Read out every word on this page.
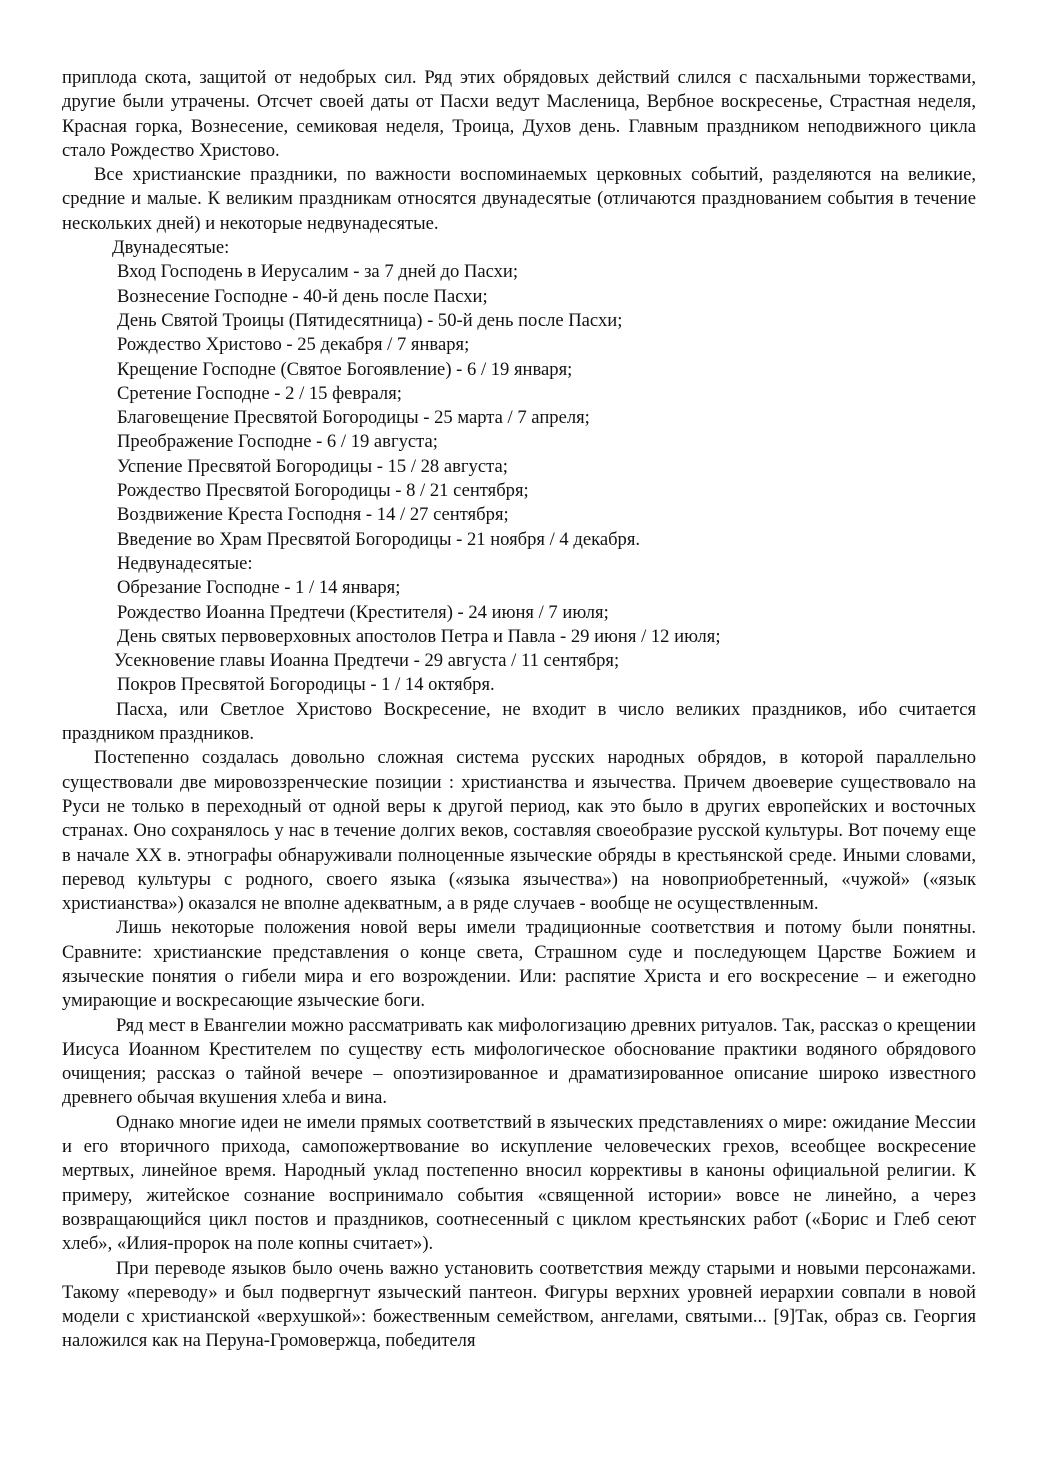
приплода скота, защитой от недобрых сил. Ряд этих обрядовых действий слился с пасхальными торжествами, другие были утрачены. Отсчет своей даты от Пасхи ведут Масленица, Вербное воскресенье, Страстная неделя, Красная горка, Вознесение, семиковая неделя, Троица, Духов день. Главным праздником неподвижного цикла стало Рождество Христово.

Все христианские праздники, по важности воспоминаемых церковных событий, разделяются на великие, средние и малые. К великим праздникам относятся двунадесятые (отличаются празднованием события в течение нескольких дней) и некоторые недвунадесятые.

Двунадесятые:

Вход Господень в Иерусалим - за 7 дней до Пасхи;
Вознесение Господне - 40-й день после Пасхи;
День Святой Троицы (Пятидесятница) - 50-й день после Пасхи;
Рождество Христово - 25 декабря / 7 января;
Крещение Господне (Святое Богоявление) - 6 / 19 января;
Сретение Господне - 2 / 15 февраля;
Благовещение Пресвятой Богородицы - 25 марта / 7 апреля;
Преображение Господне - 6 / 19 августа;
Успение Пресвятой Богородицы - 15 / 28 августа;
Рождество Пресвятой Богородицы - 8 / 21 сентября;
Воздвижение Креста Господня - 14 / 27 сентября;
Введение во Храм Пресвятой Богородицы - 21 ноября / 4 декабря.

Недвунадесятые:

Обрезание Господне - 1 / 14 января;
Рождество Иоанна Предтечи (Крестителя) - 24 июня / 7 июля;
День святых первоверховных апостолов Петра и Павла - 29 июня / 12 июля;
Усекновение главы Иоанна Предтечи - 29 августа / 11 сентября;
Покров Пресвятой Богородицы - 1 / 14 октября.

Пасха, или Светлое Христово Воскресение, не входит в число великих праздников, ибо считается праздником праздников.

Постепенно создалась довольно сложная система русских народных обрядов, в которой параллельно существовали две мировоззренческие позиции : христианства и язычества. Причем двоеверие существовало на Руси не только в переходный от одной веры к другой период, как это было в других европейских и восточных странах. Оно сохранялось у нас в течение долгих веков, составляя своеобразие русской культуры. Вот почему еще в начале XX в. этнографы обнаруживали полноценные языческие обряды в крестьянской среде. Иными словами, перевод культуры с родного, своего языка («языка язычества») на новоприобретенный, «чужой» («язык христианства») оказался не вполне адекватным, а в ряде случаев - вообще не осуществленным.

Лишь некоторые положения новой веры имели традиционные соответствия и потому были понятны. Сравните: христианские представления о конце света, Страшном суде и последующем Царстве Божием и языческие понятия о гибели мира и его возрождении. Или: распятие Христа и его воскресение – и ежегодно умирающие и воскресающие языческие боги.

Ряд мест в Евангелии можно рассматривать как мифологизацию древних ритуалов. Так, рассказ о крещении Иисуса Иоанном Крестителем по существу есть мифологическое обоснование практики водяного обрядового очищения; рассказ о тайной вечере – опоэтизированное и драматизированное описание широко известного древнего обычая вкушения хлеба и вина.

Однако многие идеи не имели прямых соответствий в языческих представлениях о мире: ожидание Мессии и его вторичного прихода, самопожертвование во искупление человеческих грехов, всеобщее воскресение мертвых, линейное время. Народный уклад постепенно вносил коррективы в каноны официальной религии. К примеру, житейское сознание воспринимало события «священной истории» вовсе не линейно, а через возвращающийся цикл постов и праздников, соотнесенный с циклом крестьянских работ («Борис и Глеб сеют хлеб», «Илия-пророк на поле копны считает»).

При переводе языков было очень важно установить соответствия между старыми и новыми персонажами. Такому «переводу» и был подвергнут языческий пантеон. Фигуры верхних уровней иерархии совпали в новой модели с христианской «верхушкой»: божественным семейством, ангелами, святыми... [9]Так, образ св. Георгия наложился как на Перуна-Громовержца, победителя
